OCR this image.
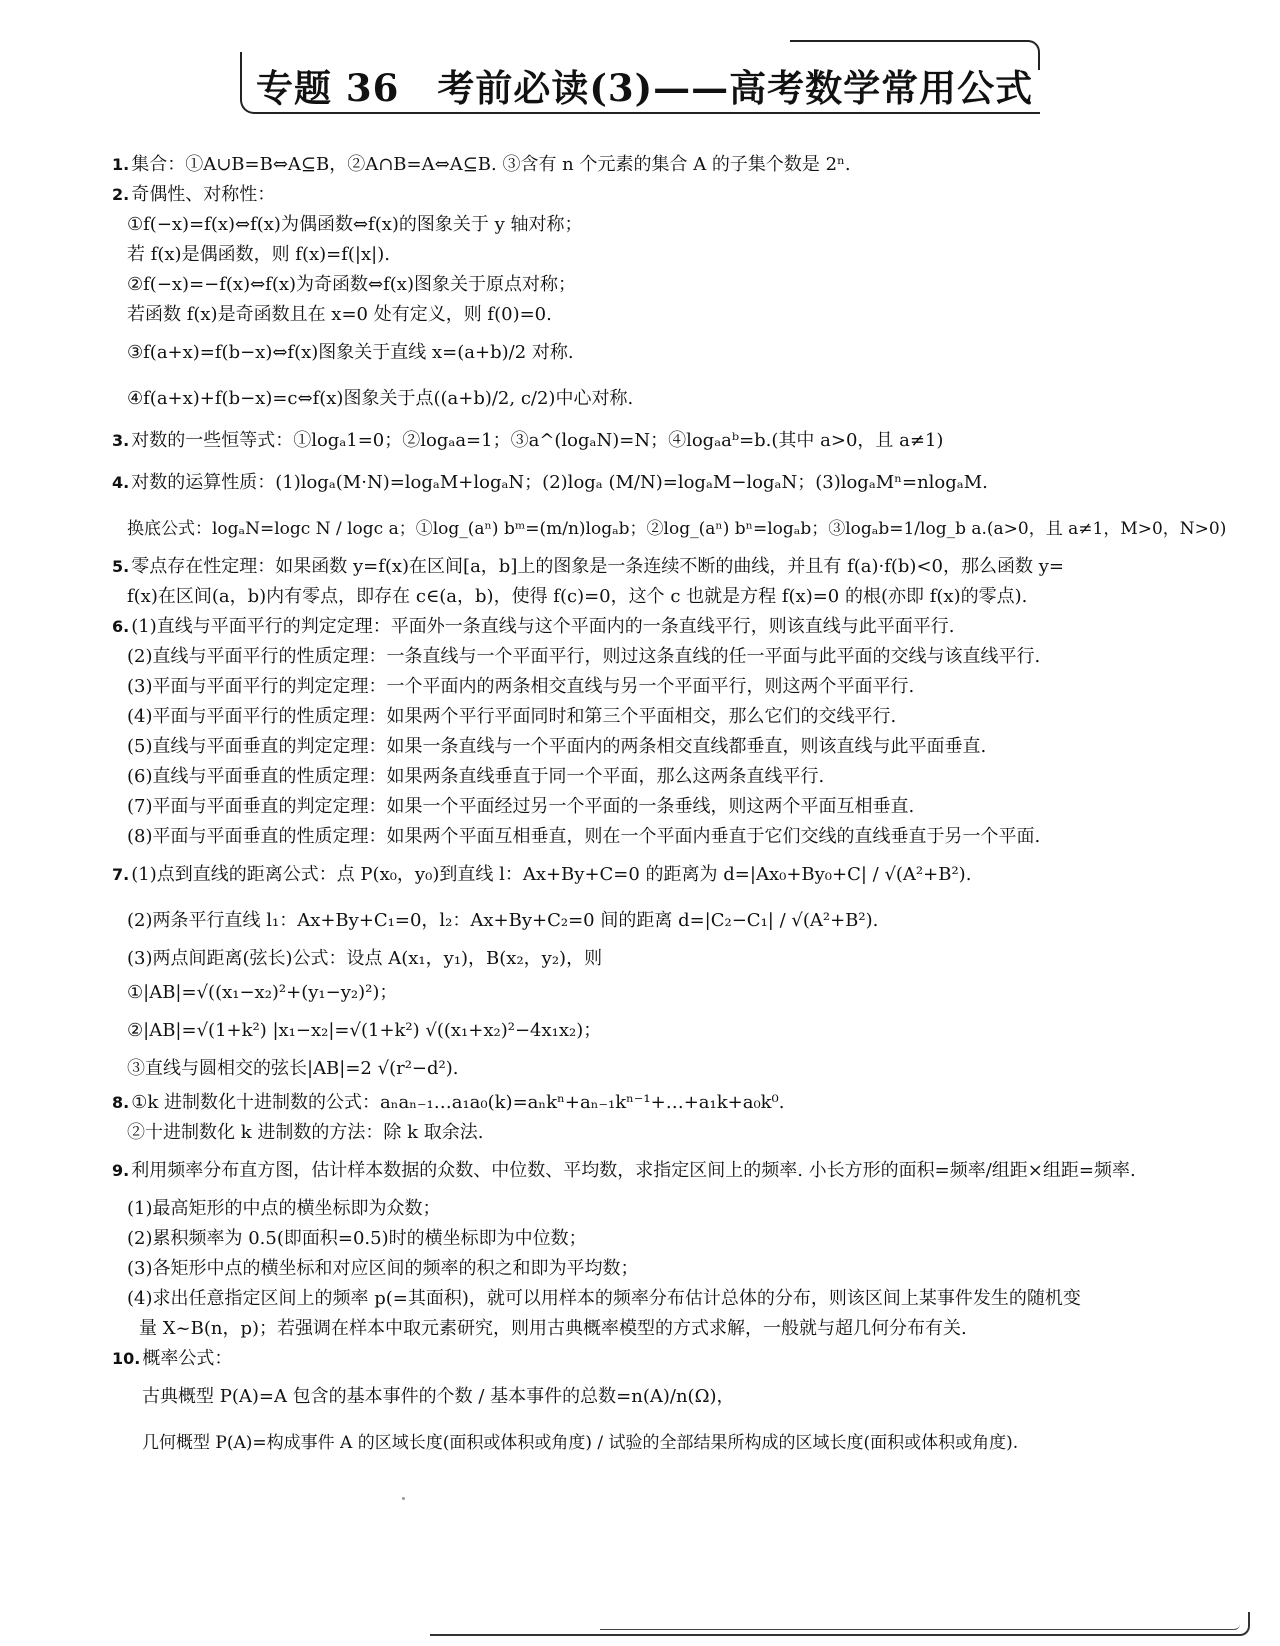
专题 36　考前必读(3)——高考数学常用公式
1. 集合：①A∪B=B⇔A⊆B，②A∩B=A⇔A⊆B. ③含有 n 个元素的集合 A 的子集个数是 2ⁿ.
2. 奇偶性、对称性：
①f(−x)=f(x)⇔f(x)为偶函数⇔f(x)的图象关于 y 轴对称；
若 f(x)是偶函数，则 f(x)=f(|x|).
②f(−x)=−f(x)⇔f(x)为奇函数⇔f(x)图象关于原点对称；
若函数 f(x)是奇函数且在 x=0 处有定义，则 f(0)=0.
③f(a+x)=f(b−x)⇔f(x)图象关于直线 x=(a+b)/2 对称.
④f(a+x)+f(b−x)=c⇔f(x)图象关于点((a+b)/2, c/2)中心对称.
3. 对数的一些恒等式：①logₐ1=0；②logₐa=1；③a^(logₐN)=N；④logₐaᵇ=b.(其中 a>0，且 a≠1)
4. 对数的运算性质：(1)logₐ(M·N)=logₐM+logₐN；(2)logₐ (M/N)=logₐM−logₐN；(3)logₐMⁿ=nlogₐM.
换底公式：logₐN=logc N / logc a；①log_(aⁿ) bᵐ=(m/n)logₐb；②log_(aⁿ) bⁿ=logₐb；③logₐb=1/log_b a.(a>0，且 a≠1，M>0，N>0)
5. 零点存在性定理：如果函数 y=f(x)在区间[a，b]上的图象是一条连续不断的曲线，并且有 f(a)·f(b)<0，那么函数 y=
f(x)在区间(a，b)内有零点，即存在 c∈(a，b)，使得 f(c)=0，这个 c 也就是方程 f(x)=0 的根(亦即 f(x)的零点).
6. (1)直线与平面平行的判定定理：平面外一条直线与这个平面内的一条直线平行，则该直线与此平面平行.
(2)直线与平面平行的性质定理：一条直线与一个平面平行，则过这条直线的任一平面与此平面的交线与该直线平行.
(3)平面与平面平行的判定定理：一个平面内的两条相交直线与另一个平面平行，则这两个平面平行.
(4)平面与平面平行的性质定理：如果两个平行平面同时和第三个平面相交，那么它们的交线平行.
(5)直线与平面垂直的判定定理：如果一条直线与一个平面内的两条相交直线都垂直，则该直线与此平面垂直.
(6)直线与平面垂直的性质定理：如果两条直线垂直于同一个平面，那么这两条直线平行.
(7)平面与平面垂直的判定定理：如果一个平面经过另一个平面的一条垂线，则这两个平面互相垂直.
(8)平面与平面垂直的性质定理：如果两个平面互相垂直，则在一个平面内垂直于它们交线的直线垂直于另一个平面.
7. (1)点到直线的距离公式：点 P(x₀，y₀)到直线 l：Ax+By+C=0 的距离为 d=|Ax₀+By₀+C| / √(A²+B²).
(2)两条平行直线 l₁：Ax+By+C₁=0，l₂：Ax+By+C₂=0 间的距离 d=|C₂−C₁| / √(A²+B²).
(3)两点间距离(弦长)公式：设点 A(x₁，y₁)，B(x₂，y₂)，则
①|AB|=√((x₁−x₂)²+(y₁−y₂)²)；
②|AB|=√(1+k²) |x₁−x₂|=√(1+k²) √((x₁+x₂)²−4x₁x₂)；
③直线与圆相交的弦长|AB|=2 √(r²−d²).
8. ①k 进制数化十进制数的公式：aₙaₙ₋₁…a₁a₀(k)=aₙkⁿ+aₙ₋₁kⁿ⁻¹+…+a₁k+a₀k⁰.
②十进制数化 k 进制数的方法：除 k 取余法.
9. 利用频率分布直方图，估计样本数据的众数、中位数、平均数，求指定区间上的频率. 小长方形的面积=频率/组距×组距=频率.
(1)最高矩形的中点的横坐标即为众数；
(2)累积频率为 0.5(即面积=0.5)时的横坐标即为中位数；
(3)各矩形中点的横坐标和对应区间的频率的积之和即为平均数；
(4)求出任意指定区间上的频率 p(=其面积)，就可以用样本的频率分布估计总体的分布，则该区间上某事件发生的随机变
量 X~B(n，p)；若强调在样本中取元素研究，则用古典概率模型的方式求解，一般就与超几何分布有关.
10. 概率公式：
古典概型 P(A)=A 包含的基本事件的个数 / 基本事件的总数=n(A)/n(Ω)，
几何概型 P(A)=构成事件 A 的区域长度(面积或体积或角度) / 试验的全部结果所构成的区域长度(面积或体积或角度).
